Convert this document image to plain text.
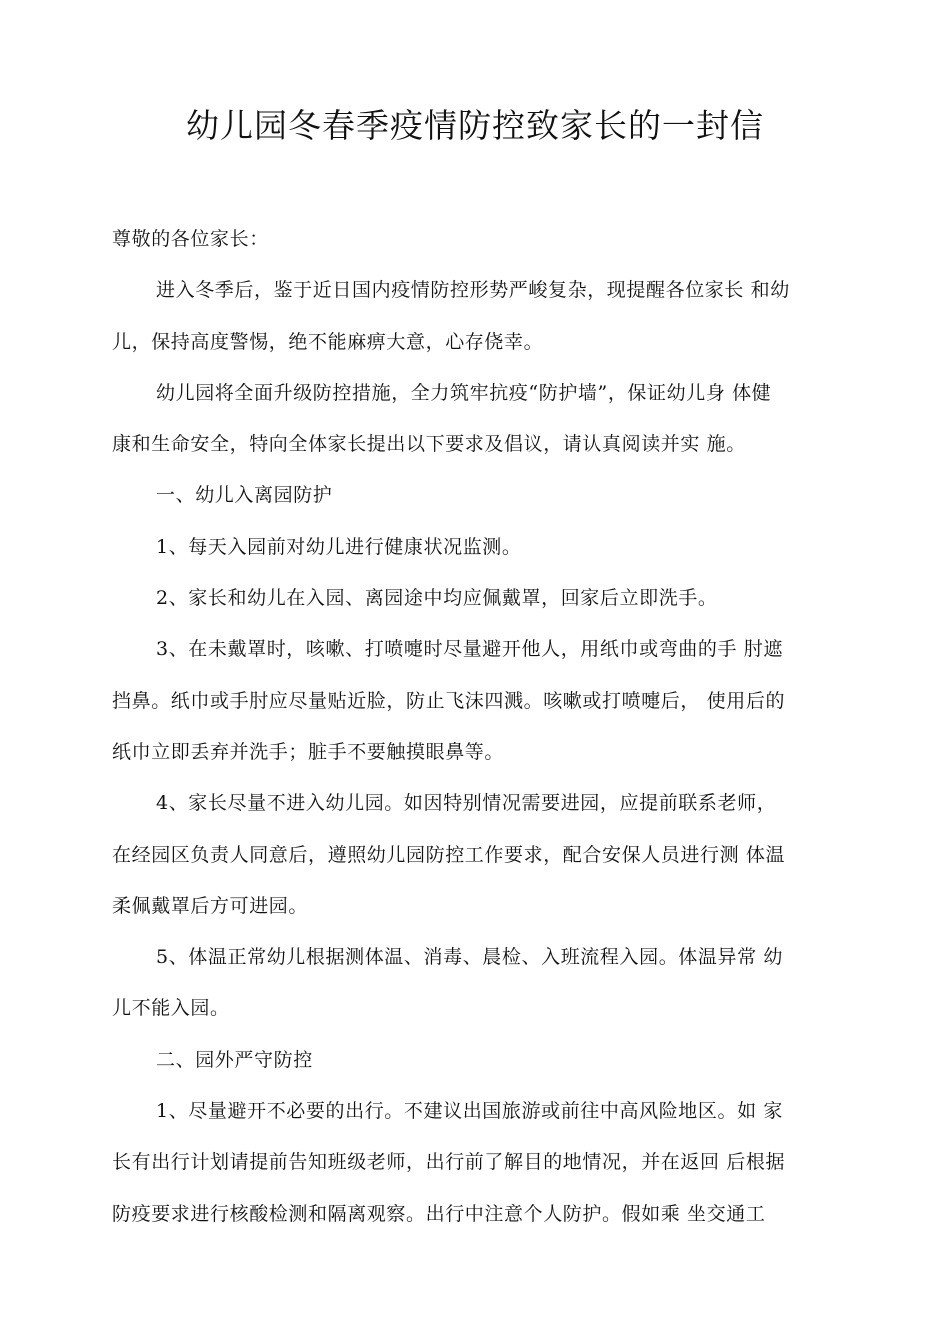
幼儿园冬春季疫情防控致家长的一封信
尊敬的各位家长：
进入冬季后，鉴于近日国内疫情防控形势严峻复杂，现提醒各位家长 和幼
儿，保持高度警惕，绝不能麻痹大意，心存侥幸。
幼儿园将全面升级防控措施，全力筑牢抗疫“防护墙”，保证幼儿身 体健
康和生命安全，特向全体家长提出以下要求及倡议，请认真阅读并实 施。
一、幼儿入离园防护
1、每天入园前对幼儿进行健康状况监测。
2、家长和幼儿在入园、离园途中均应佩戴罩，回家后立即洗手。
3、在未戴罩时，咳嗽、打喷嚏时尽量避开他人，用纸巾或弯曲的手 肘遮
挡鼻。纸巾或手肘应尽量贴近脸，防止飞沫四溅。咳嗽或打喷嚏后， 使用后的
纸巾立即丢弃并洗手；脏手不要触摸眼鼻等。
4、家长尽量不进入幼儿园。如因特别情况需要进园，应提前联系老师，
在经园区负责人同意后，遵照幼儿园防控工作要求，配合安保人员进行测 体温
柔佩戴罩后方可进园。
5、体温正常幼儿根据测体温、消毒、晨检、入班流程入园。体温异常 幼
儿不能入园。
二、园外严守防控
1、尽量避开不必要的出行。不建议出国旅游或前往中高风险地区。如 家
长有出行计划请提前告知班级老师，出行前了解目的地情况，并在返回 后根据
防疫要求进行核酸检测和隔离观察。出行中注意个人防护。假如乘 坐交通工
